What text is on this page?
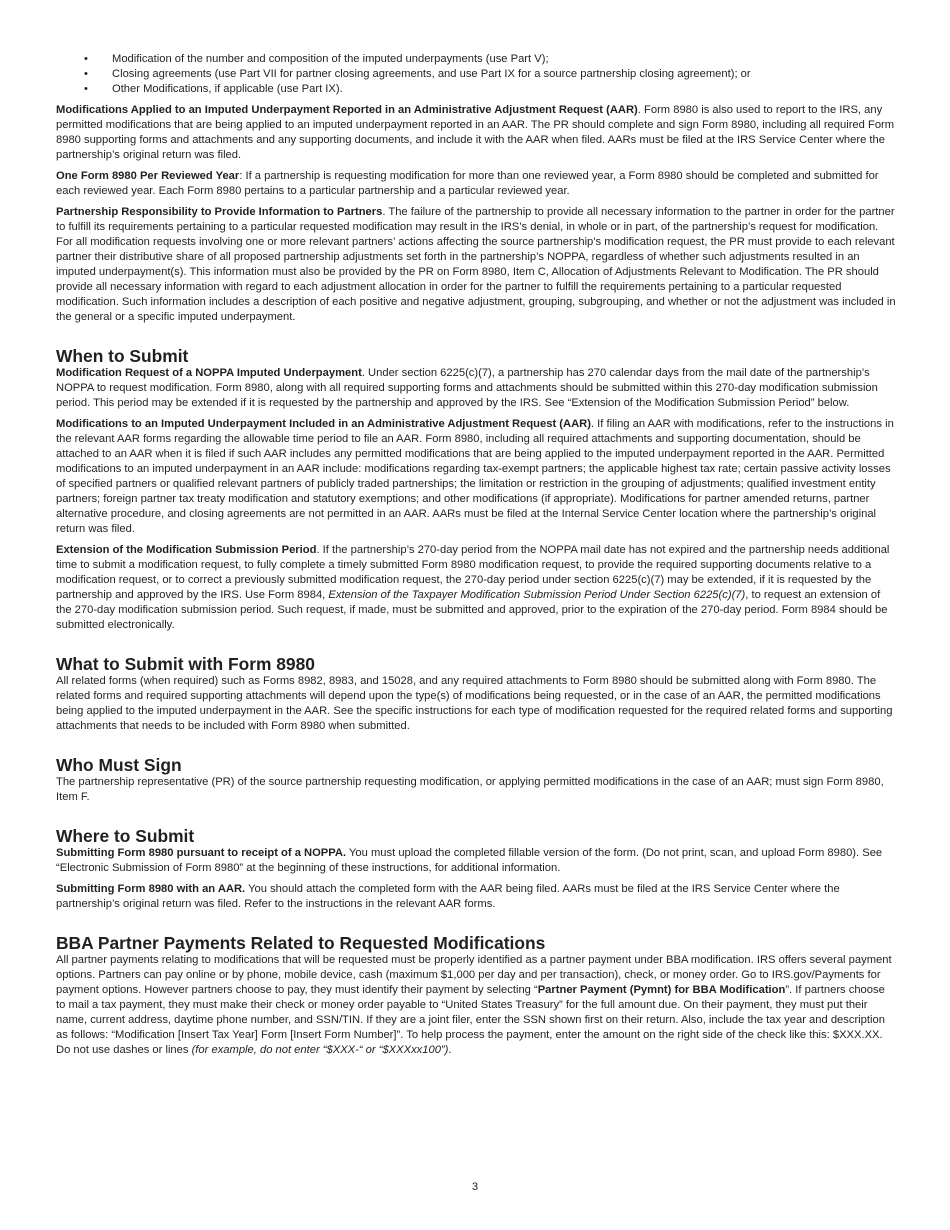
• Modification of the number and composition of the imputed underpayments (use Part V);
• Closing agreements (use Part VII for partner closing agreements, and use Part IX for a source partnership closing agreement); or
• Other Modifications, if applicable (use Part IX).

Modifications Applied to an Imputed Underpayment Reported in an Administrative Adjustment Request (AAR). Form 8980 is also used to report to the IRS, any permitted modifications that are being applied to an imputed underpayment reported in an AAR. The PR should complete and sign Form 8980, including all required Form 8980 supporting forms and attachments and any supporting documents, and include it with the AAR when filed. AARs must be filed at the IRS Service Center where the partnership’s original return was filed.

One Form 8980 Per Reviewed Year: If a partnership is requesting modification for more than one reviewed year, a Form 8980 should be completed and submitted for each reviewed year. Each Form 8980 pertains to a particular partnership and a particular reviewed year.

Partnership Responsibility to Provide Information to Partners. The failure of the partnership to provide all necessary information to the partner in order for the partner to fulfill its requirements pertaining to a particular requested modification may result in the IRS’s denial, in whole or in part, of the partnership’s request for modification. For all modification requests involving one or more relevant partners’ actions affecting the source partnership’s modification request, the PR must provide to each relevant partner their distributive share of all proposed partnership adjustments set forth in the partnership’s NOPPA, regardless of whether such adjustments resulted in an imputed underpayment(s). This information must also be provided by the PR on Form 8980, Item C, Allocation of Adjustments Relevant to Modification. The PR should provide all necessary information with regard to each adjustment allocation in order for the partner to fulfill the requirements pertaining to a particular requested modification. Such information includes a description of each positive and negative adjustment, grouping, subgrouping, and whether or not the adjustment was included in the general or a specific imputed underpayment.

When to Submit

Modification Request of a NOPPA Imputed Underpayment. Under section 6225(c)(7), a partnership has 270 calendar days from the mail date of the partnership’s NOPPA to request modification. Form 8980, along with all required supporting forms and attachments should be submitted within this 270-day modification submission period. This period may be extended if it is requested by the partnership and approved by the IRS. See “Extension of the Modification Submission Period” below.

Modifications to an Imputed Underpayment Included in an Administrative Adjustment Request (AAR). If filing an AAR with modifications, refer to the instructions in the relevant AAR forms regarding the allowable time period to file an AAR. Form 8980, including all required attachments and supporting documentation, should be attached to an AAR when it is filed if such AAR includes any permitted modifications that are being applied to the imputed underpayment reported in the AAR. Permitted modifications to an imputed underpayment in an AAR include: modifications regarding tax-exempt partners; the applicable highest tax rate; certain passive activity losses of specified partners or qualified relevant partners of publicly traded partnerships; the limitation or restriction in the grouping of adjustments; qualified investment entity partners; foreign partner tax treaty modification and statutory exemptions; and other modifications (if appropriate). Modifications for partner amended returns, partner alternative procedure, and closing agreements are not permitted in an AAR. AARs must be filed at the Internal Service Center location where the partnership’s original return was filed.

Extension of the Modification Submission Period. If the partnership’s 270-day period from the NOPPA mail date has not expired and the partnership needs additional time to submit a modification request, to fully complete a timely submitted Form 8980 modification request, to provide the required supporting documents relative to a modification request, or to correct a previously submitted modification request, the 270-day period under section 6225(c)(7) may be extended, if it is requested by the partnership and approved by the IRS. Use Form 8984, Extension of the Taxpayer Modification Submission Period Under Section 6225(c)(7), to request an extension of the 270-day modification submission period. Such request, if made, must be submitted and approved, prior to the expiration of the 270-day period. Form 8984 should be submitted electronically.

What to Submit with Form 8980

All related forms (when required) such as Forms 8982, 8983, and 15028, and any required attachments to Form 8980 should be submitted along with Form 8980. The related forms and required supporting attachments will depend upon the type(s) of modifications being requested, or in the case of an AAR, the permitted modifications being applied to the imputed underpayment in the AAR. See the specific instructions for each type of modification requested for the required related forms and supporting attachments that needs to be included with Form 8980 when submitted.

Who Must Sign

The partnership representative (PR) of the source partnership requesting modification, or applying permitted modifications in the case of an AAR; must sign Form 8980, Item F.

Where to Submit

Submitting Form 8980 pursuant to receipt of a NOPPA. You must upload the completed fillable version of the form. (Do not print, scan, and upload Form 8980). See “Electronic Submission of Form 8980” at the beginning of these instructions, for additional information.

Submitting Form 8980 with an AAR. You should attach the completed form with the AAR being filed. AARs must be filed at the IRS Service Center where the partnership’s original return was filed. Refer to the instructions in the relevant AAR forms.

BBA Partner Payments Related to Requested Modifications

All partner payments relating to modifications that will be requested must be properly identified as a partner payment under BBA modification. IRS offers several payment options. Partners can pay online or by phone, mobile device, cash (maximum $1,000 per day and per transaction), check, or money order. Go to IRS.gov/Payments for payment options. However partners choose to pay, they must identify their payment by selecting “Partner Payment (Pymnt) for BBA Modification”. If partners choose to mail a tax payment, they must make their check or money order payable to “United States Treasury” for the full amount due. On their payment, they must put their name, current address, daytime phone number, and SSN/TIN. If they are a joint filer, enter the SSN shown first on their return. Also, include the tax year and description as follows: “Modification [Insert Tax Year] Form [Insert Form Number]”. To help process the payment, enter the amount on the right side of the check like this: $XXX.XX. Do not use dashes or lines (for example, do not enter “$XXX-“ or “$XXXxx100”).

3
